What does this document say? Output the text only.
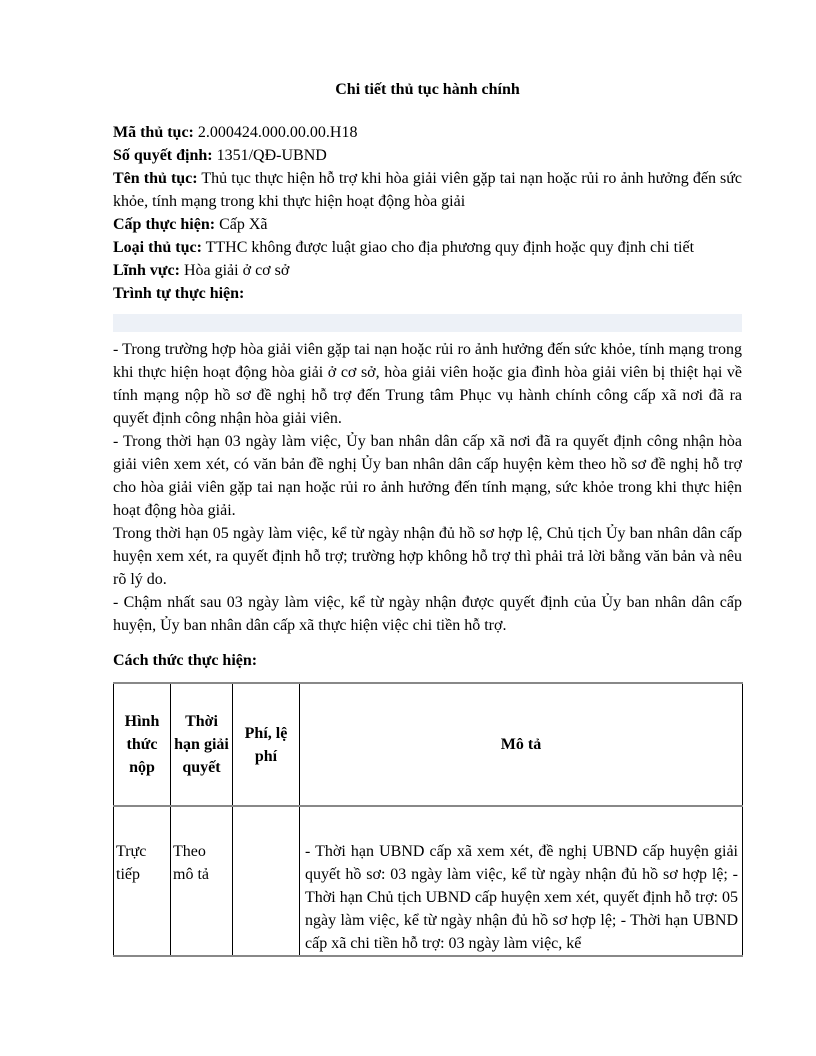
Chi tiết thủ tục hành chính

Mã thủ tục: 2.000424.000.00.00.H18

Số quyết định: 1351/QĐ-UBND

Tên thủ tục: Thủ tục thực hiện hỗ trợ khi hòa giải viên gặp tai nạn hoặc rủi ro ảnh hưởng đến sức khỏe, tính mạng trong khi thực hiện hoạt động hòa giải

Cấp thực hiện: Cấp Xã

Loại thủ tục: TTHC không được luật giao cho địa phương quy định hoặc quy định chi tiết

Lĩnh vực: Hòa giải ở cơ sở

Trình tự thực hiện:

- Trong trường hợp hòa giải viên gặp tai nạn hoặc rủi ro ảnh hưởng đến sức khỏe, tính mạng trong khi thực hiện hoạt động hòa giải ở cơ sở, hòa giải viên hoặc gia đình hòa giải viên bị thiệt hại về tính mạng nộp hồ sơ đề nghị hỗ trợ đến Trung tâm Phục vụ hành chính công cấp xã nơi đã ra quyết định công nhận hòa giải viên.

- Trong thời hạn 03 ngày làm việc, Ủy ban nhân dân cấp xã nơi đã ra quyết định công nhận hòa giải viên xem xét, có văn bản đề nghị Ủy ban nhân dân cấp huyện kèm theo hồ sơ đề nghị hỗ trợ cho hòa giải viên gặp tai nạn hoặc rủi ro ảnh hưởng đến tính mạng, sức khỏe trong khi thực hiện hoạt động hòa giải.

Trong thời hạn 05 ngày làm việc, kể từ ngày nhận đủ hồ sơ hợp lệ, Chủ tịch Ủy ban nhân dân cấp huyện xem xét, ra quyết định hỗ trợ; trường hợp không hỗ trợ thì phải trả lời bằng văn bản và nêu rõ lý do.

- Chậm nhất sau 03 ngày làm việc, kể từ ngày nhận được quyết định của Ủy ban nhân dân cấp huyện, Ủy ban nhân dân cấp xã thực hiện việc chi tiền hỗ trợ.

Cách thức thực hiện:

Hình thức nộp	Thời hạn giải quyết	Phí, lệ phí	Mô tả
Trực tiếp	Theo mô tả		- Thời hạn UBND cấp xã xem xét, đề nghị UBND cấp huyện giải quyết hồ sơ: 03 ngày làm việc, kể từ ngày nhận đủ hồ sơ hợp lệ; - Thời hạn Chủ tịch UBND cấp huyện xem xét, quyết định hỗ trợ: 05 ngày làm việc, kể từ ngày nhận đủ hồ sơ hợp lệ; - Thời hạn UBND cấp xã chi tiền hỗ trợ: 03 ngày làm việc, kể
